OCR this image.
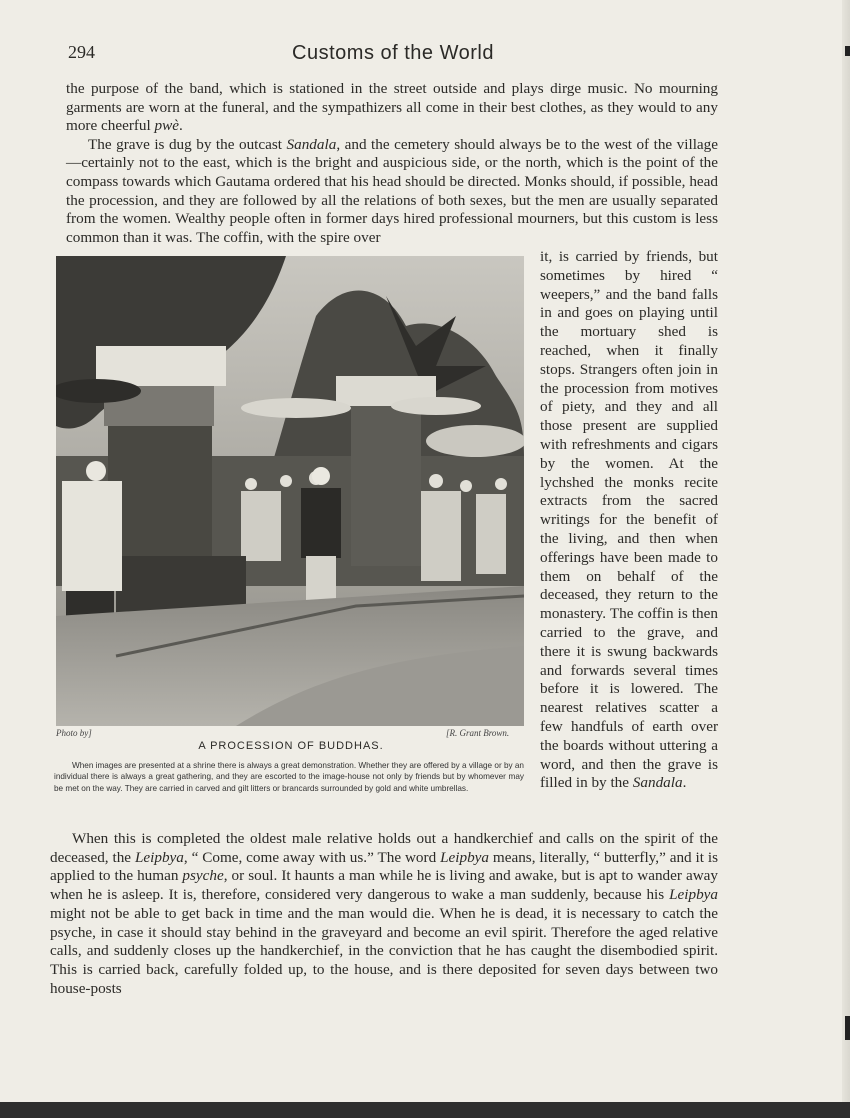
294	Customs of the World

the purpose of the band, which is stationed in the street outside and plays dirge music. No mourning garments are worn at the funeral, and the sympathizers all come in their best clothes, as they would to any more cheerful pwè.

The grave is dug by the outcast Sandala, and the cemetery should always be to the west of the village—certainly not to the east, which is the bright and auspicious side, or the north, which is the point of the compass towards which Gautama ordered that his head should be directed. Monks should, if possible, head the procession, and they are followed by all the relations of both sexes, but the men are usually separated from the women. Wealthy people often in former days hired professional mourners, but this custom is less common than it was. The coffin, with the spire over

Photo by]	[R. Grant Brown.
A PROCESSION OF BUDDHAS.
When images are presented at a shrine there is always a great demonstration. Whether they are offered by a village or by an individual there is always a great gathering, and they are escorted to the image-house not only by friends but by whomever may be met on the way. They are carried in carved and gilt litters or brancards surrounded by gold and white umbrellas.

it, is carried by friends, but sometimes by hired “ weepers,” and the band falls in and goes on playing until the mortuary shed is reached, when it finally stops. Strangers often join in the procession from motives of piety, and they and all those present are supplied with refreshments and cigars by the women. At the lychshed the monks recite extracts from the sacred writings for the benefit of the living, and then when offerings have been made to them on behalf of the deceased, they return to the monastery. The coffin is then carried to the grave, and there it is swung backwards and forwards several times before it is lowered. The nearest relatives scatter a few handfuls of earth over the boards without uttering a word, and then the grave is filled in by the Sandala.

When this is completed the oldest male relative holds out a handkerchief and calls on the spirit of the deceased, the Leipbya, “ Come, come away with us.” The word Leipbya means, literally, “ butterfly,” and it is applied to the human psyche, or soul. It haunts a man while he is living and awake, but is apt to wander away when he is asleep. It is, therefore, considered very dangerous to wake a man suddenly, because his Leipbya might not be able to get back in time and the man would die. When he is dead, it is necessary to catch the psyche, in case it should stay behind in the graveyard and become an evil spirit. Therefore the aged relative calls, and suddenly closes up the handkerchief, in the conviction that he has caught the disembodied spirit. This is carried back, carefully folded up, to the house, and is there deposited for seven days between two house-posts
